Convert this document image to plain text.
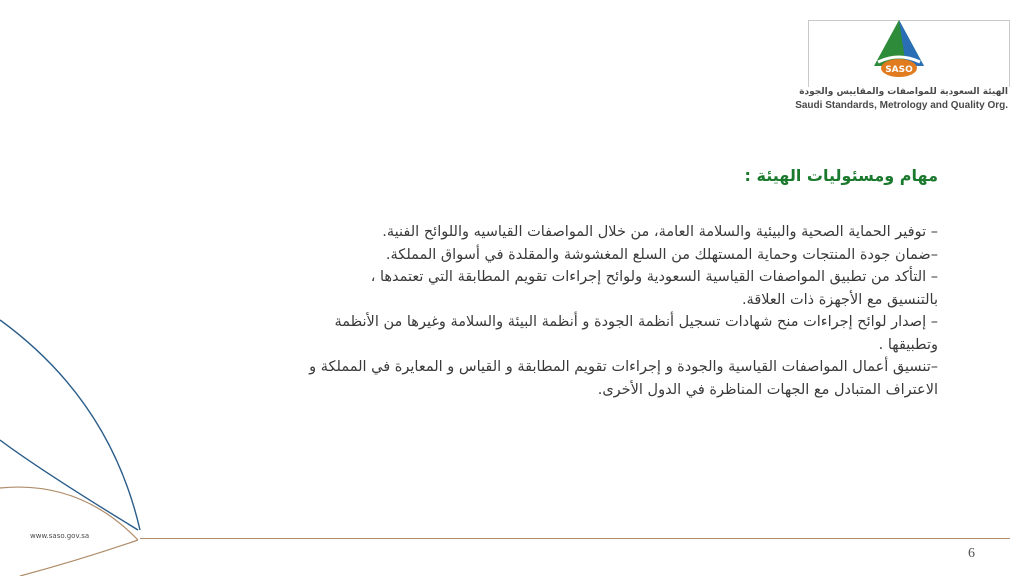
SASO
الهيئة السعودية للمواصفات والمقاييس والجودة
Saudi Standards, Metrology and Quality Org.
مهام ومسئوليات الهيئة :

– توفير الحماية الصحية والبيئية والسلامة العامة، من خلال المواصفات القياسيه واللوائح الفنية.

–ضمان جودة المنتجات وحماية المستهلك من السلع المغشوشة والمقلدة في أسواق المملكة.

– التأكد من تطبيق المواصفات القياسية السعودية ولوائح إجراءات تقويم المطابقة التي تعتمدها ،

بالتنسيق مع الأجهزة ذات العلاقة.

– إصدار لوائح إجراءات منح شهادات تسجيل أنظمة الجودة و أنظمة البيئة والسلامة وغيرها من الأنظمة

وتطبيقها .

–تنسيق أعمال المواصفات القياسية والجودة و إجراءات تقويم المطابقة و القياس و المعايرة في المملكة و

الاعتراف المتبادل مع الجهات المناظرة في الدول الأخرى.

www.saso.gov.sa
6
